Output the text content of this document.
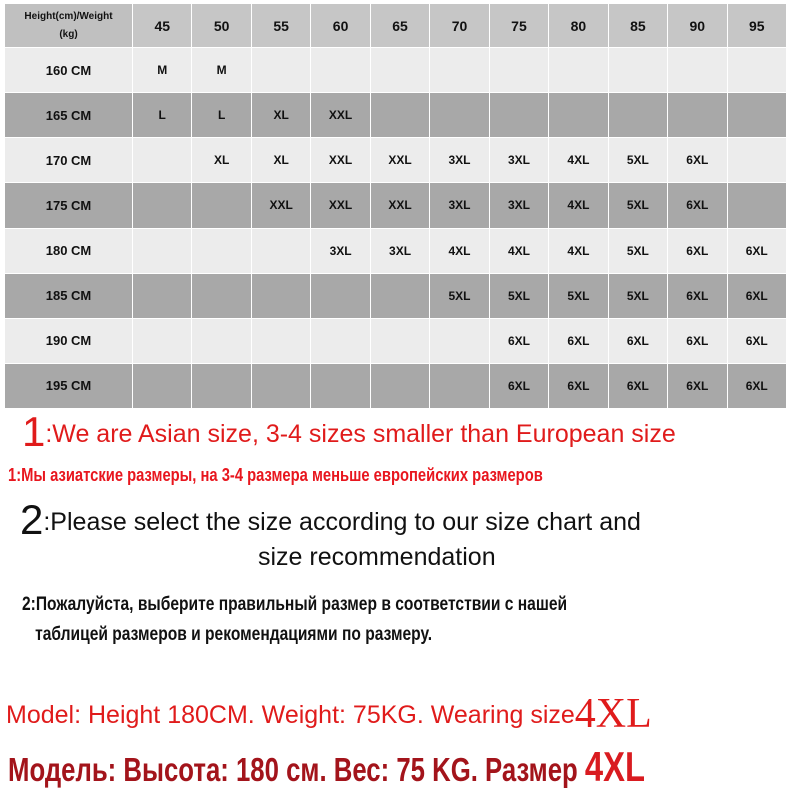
Height(cm)/Weight
(kg)	45	50	55	60	65	70	75	80	85	90	95
160 CM	M	M									
165 CM	L	L	XL	XXL							
170 CM		XL	XL	XXL	XXL	3XL	3XL	4XL	5XL	6XL	
175 CM			XXL	XXL	XXL	3XL	3XL	4XL	5XL	6XL	
180 CM				3XL	3XL	4XL	4XL	4XL	5XL	6XL	6XL
185 CM						5XL	5XL	5XL	5XL	6XL	6XL
190 CM							6XL	6XL	6XL	6XL	6XL
195 CM							6XL	6XL	6XL	6XL	6XL
1:We are Asian size, 3-4 sizes smaller than European size
1:Мы азиатские размеры, на 3-4 размера меньше европейских размеров
2:Please select the size according to our size chart and
size recommendation
2:Пожалуйста, выберите правильный размер в соответствии с нашей
таблицей размеров и рекомендациями по размеру.
Model: Height 180CM. Weight: 75KG. Wearing size4XL
Модель: Высота: 180 см. Вес: 75 KG. Размер 4XL
